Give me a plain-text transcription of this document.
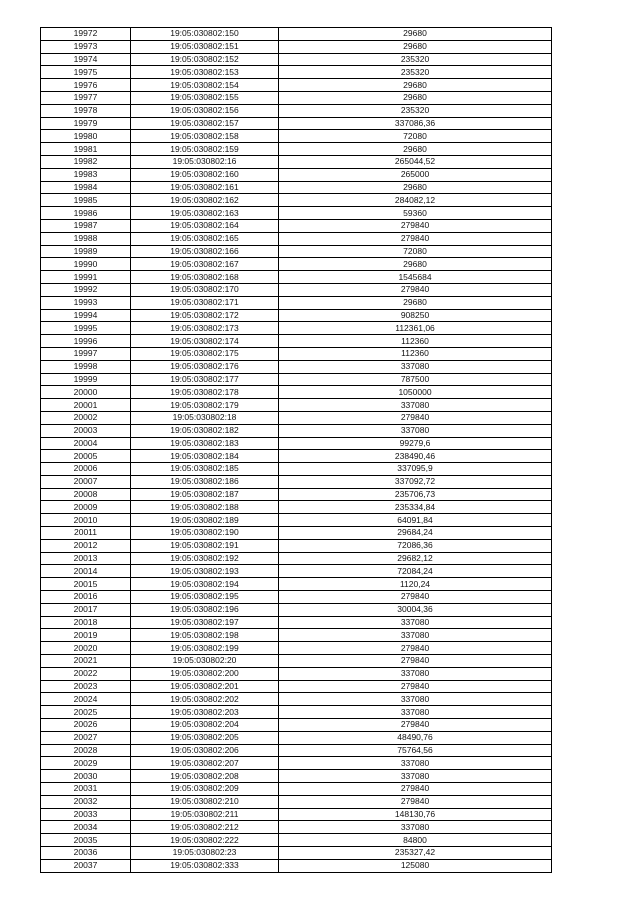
19972	19:05:030802:150	29680
19973	19:05:030802:151	29680
19974	19:05:030802:152	235320
19975	19:05:030802:153	235320
19976	19:05:030802:154	29680
19977	19:05:030802:155	29680
19978	19:05:030802:156	235320
19979	19:05:030802:157	337086,36
19980	19:05:030802:158	72080
19981	19:05:030802:159	29680
19982	19:05:030802:16	265044,52
19983	19:05:030802:160	265000
19984	19:05:030802:161	29680
19985	19:05:030802:162	284082,12
19986	19:05:030802:163	59360
19987	19:05:030802:164	279840
19988	19:05:030802:165	279840
19989	19:05:030802:166	72080
19990	19:05:030802:167	29680
19991	19:05:030802:168	1545684
19992	19:05:030802:170	279840
19993	19:05:030802:171	29680
19994	19:05:030802:172	908250
19995	19:05:030802:173	112361,06
19996	19:05:030802:174	112360
19997	19:05:030802:175	112360
19998	19:05:030802:176	337080
19999	19:05:030802:177	787500
20000	19:05:030802:178	1050000
20001	19:05:030802:179	337080
20002	19:05:030802:18	279840
20003	19:05:030802:182	337080
20004	19:05:030802:183	99279,6
20005	19:05:030802:184	238490,46
20006	19:05:030802:185	337095,9
20007	19:05:030802:186	337092,72
20008	19:05:030802:187	235706,73
20009	19:05:030802:188	235334,84
20010	19:05:030802:189	64091,84
20011	19:05:030802:190	29684,24
20012	19:05:030802:191	72086,36
20013	19:05:030802:192	29682,12
20014	19:05:030802:193	72084,24
20015	19:05:030802:194	1120,24
20016	19:05:030802:195	279840
20017	19:05:030802:196	30004,36
20018	19:05:030802:197	337080
20019	19:05:030802:198	337080
20020	19:05:030802:199	279840
20021	19:05:030802:20	279840
20022	19:05:030802:200	337080
20023	19:05:030802:201	279840
20024	19:05:030802:202	337080
20025	19:05:030802:203	337080
20026	19:05:030802:204	279840
20027	19:05:030802:205	48490,76
20028	19:05:030802:206	75764,56
20029	19:05:030802:207	337080
20030	19:05:030802:208	337080
20031	19:05:030802:209	279840
20032	19:05:030802:210	279840
20033	19:05:030802:211	148130,76
20034	19:05:030802:212	337080
20035	19:05:030802:222	84800
20036	19:05:030802:23	235327,42
20037	19:05:030802:333	125080
